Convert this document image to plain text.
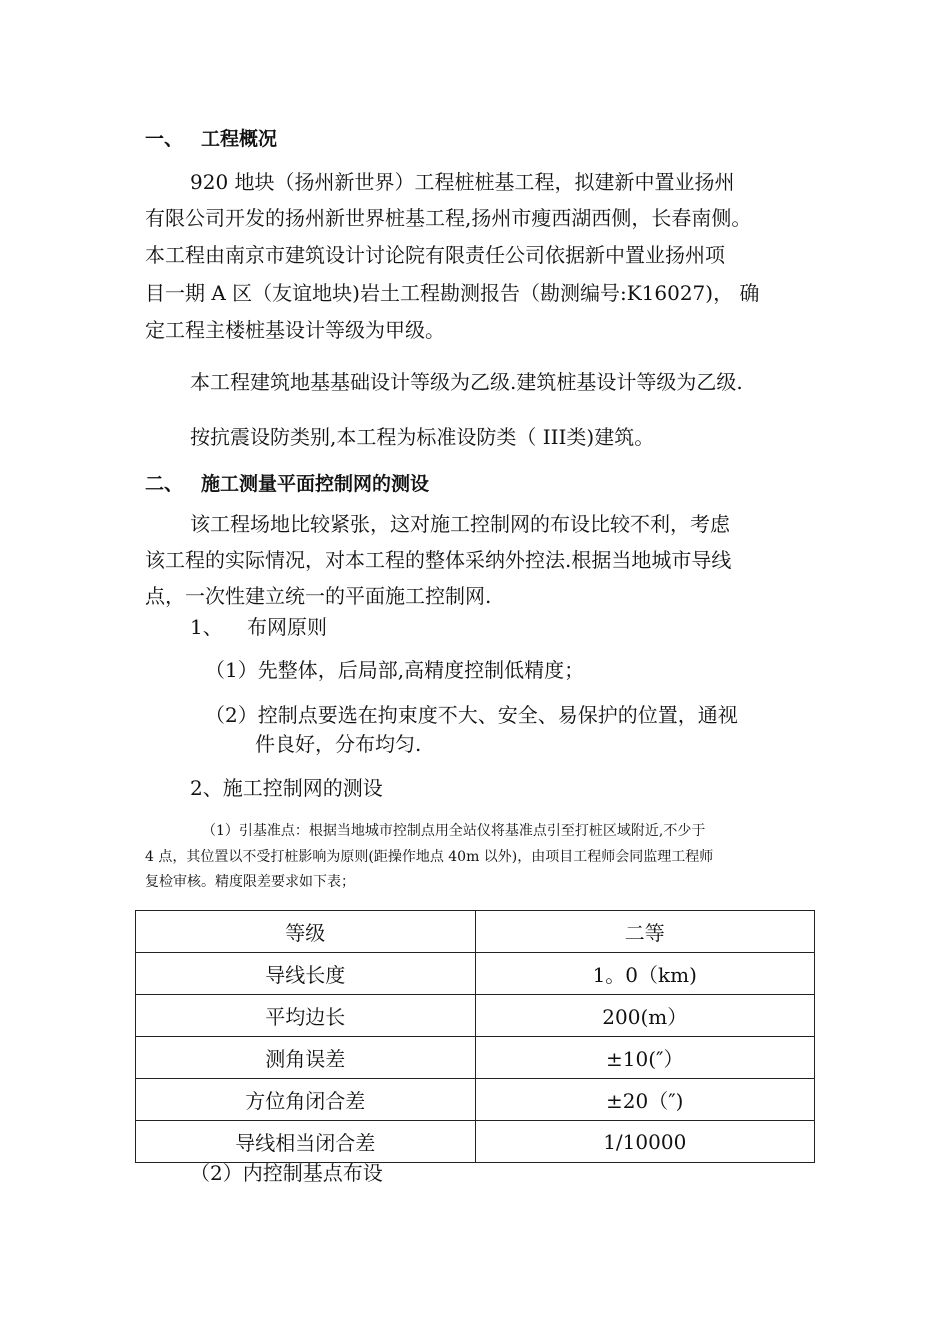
一、 工程概况
920 地块（扬州新世界）工程桩桩基工程，拟建新中置业扬州
有限公司开发的扬州新世界桩基工程,扬州市瘦西湖西侧，长春南侧。
本工程由南京市建筑设计讨论院有限责任公司依据新中置业扬州项
目一期 A 区（友谊地块)岩土工程勘测报告（勘测编号:K16027)， 确
定工程主楼桩基设计等级为甲级。
本工程建筑地基基础设计等级为乙级.建筑桩基设计等级为乙级.
按抗震设防类别,本工程为标准设防类（ III类)建筑。
二、 施工测量平面控制网的测设
该工程场地比较紧张，这对施工控制网的布设比较不利，考虑
该工程的实际情况，对本工程的整体采纳外控法.根据当地城市导线
点，一次性建立统一的平面施工控制网.
1、 布网原则
（1）先整体，后局部,高精度控制低精度；
（2）控制点要选在拘束度不大、安全、易保护的位置，通视
件良好，分布均匀.
2、施工控制网的测设
（1）引基准点：根据当地城市控制点用全站仪将基准点引至打桩区域附近,不少于
4 点，其位置以不受打桩影响为原则(距操作地点 40m 以外)，由项目工程师会同监理工程师
复检审核。精度限差要求如下表；
等级	二等
导线长度	1。0（km)
平均边长	200(m）
测角误差	±10(″）
方位角闭合差	±20（″)
导线相当闭合差	1/10000
（2）内控制基点布设
